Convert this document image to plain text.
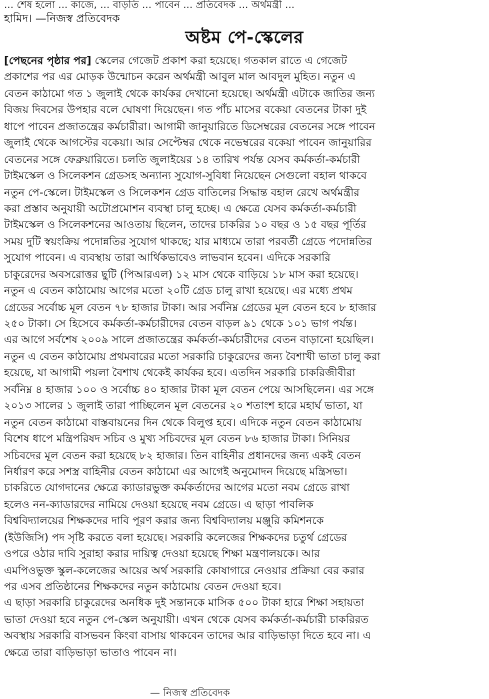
... শেষ হলো ... কাজে, ... বাড়তি ... পাবেন ... প্রতিবেদক ... অর্থমন্ত্রী ...
হামিদ। —নিজস্ব প্রতিবেদক
অষ্টম পে-স্কেলের
[পেছনের পৃষ্ঠার পর] স্কেলের গেজেট প্রকাশ করা হয়েছে। গতকাল রাতে এ গেজেট
প্রকাশের পর এর মোড়ক উন্মোচন করেন অর্থমন্ত্রী আবুল মাল আবদুল মুহিত। নতুন এ
বেতন কাঠামো গত ১ জুলাই থেকে কার্যকর দেখানো হয়েছে। অর্থমন্ত্রী এটাকে জাতির জন্য
বিজয় দিবসের উপহার বলে ঘোষণা দিয়েছেন। গত পাঁচ মাসের বকেয়া বেতনের টাকা দুই
ধাপে পাবেন প্রজাতন্ত্রের কর্মচারীরা। আগামী জানুয়ারিতে ডিসেম্বরের বেতনের সঙ্গে পাবেন
জুলাই থেকে আগস্টের বকেয়া। আর সেপ্টেম্বর থেকে নভেম্বরের বকেয়া পাবেন জানুয়ারির
বেতনের সঙ্গে ফেব্রুয়ারিতে। চলতি জুলাইয়ের ১৪ তারিখ পর্যন্ত যেসব কর্মকর্তা-কর্মচারী
টাইমস্কেল ও সিলেকশন গ্রেডসহ অন্যান্য সুযোগ-সুবিধা নিয়েছেন সেগুলো বহাল থাকবে
নতুন পে-স্কেলে। টাইমস্কেল ও সিলেকশন গ্রেড বাতিলের সিদ্ধান্ত বহাল রেখে অর্থমন্ত্রীর
করা প্রস্তাব অনুযায়ী অটোপ্রমোশন ব্যবস্থা চালু হচ্ছে। এ ক্ষেত্রে যেসব কর্মকর্তা-কর্মচারী
টাইমস্কেল ও সিলেকশনের আওতায় ছিলেন, তাদের চাকরির ১০ বছর ও ১৫ বছর পূর্তির
সময় দুটি স্বয়ংক্রিয় পদোন্নতির সুযোগ থাকছে; যার মাধ্যমে তারা পরবর্তী গ্রেডে পদোন্নতির
সুযোগ পাবেন। এ ব্যবস্থায় তারা আর্থিকভাবেও লাভবান হবেন। এদিকে সরকারি
চাকুরেদের অবসরোত্তর ছুটি (পিআরএল) ১২ মাস থেকে বাড়িয়ে ১৮ মাস করা হয়েছে।
নতুন এ বেতন কাঠামোয় আগের মতো ২০টি গ্রেড চালু রাখা হয়েছে। এর মধ্যে প্রথম
গ্রেডের সর্বোচ্চ মূল বেতন ৭৮ হাজার টাকা। আর সর্বনিম্ন গ্রেডের মূল বেতন হবে ৮ হাজার
২৫০ টাকা। সে হিসেবে কর্মকর্তা-কর্মচারীদের বেতন বাড়ল ৯১ থেকে ১০১ ভাগ পর্যন্ত।
এর আগে সর্বশেষ ২০০৯ সালে প্রজাতন্ত্রের কর্মকর্তা-কর্মচারীদের বেতন বাড়ানো হয়েছিল।
নতুন এ বেতন কাঠামোয় প্রথমবারের মতো সরকারি চাকুরেদের জন্য বৈশাখী ভাতা চালু করা
হয়েছে, যা আগামী পয়লা বৈশাখ থেকেই কার্যকর হবে। এতদিন সরকারি চাকরিজীবীরা
সর্বনিম্ন ৪ হাজার ১০০ ও সর্বোচ্চ ৪০ হাজার টাকা মূল বেতন পেয়ে আসছিলেন। এর সঙ্গে
২০১৩ সালের ১ জুলাই তারা পাচ্ছিলেন মূল বেতনের ২০ শতাংশ হারে মহার্ঘ ভাতা, যা
নতুন বেতন কাঠামো বাস্তবায়নের দিন থেকে বিলুপ্ত হবে। এদিকে নতুন বেতন কাঠামোয়
বিশেষ ধাপে মন্ত্রিপরিষদ সচিব ও মুখ্য সচিবদের মূল বেতন ৮৬ হাজার টাকা। সিনিয়র
সচিবদের মূল বেতন করা হয়েছে ৮২ হাজার। তিন বাহিনীর প্রধানদের জন্য একই বেতন
নির্ধারণ করে সশস্ত্র বাহিনীর বেতন কাঠামো এর আগেই অনুমোদন দিয়েছে মন্ত্রিসভা।
চাকরিতে যোগদানের ক্ষেত্রে ক্যাডারভুক্ত কর্মকর্তাদের আগের মতো নবম গ্রেডে রাখা
হলেও নন-ক্যাডারদের নামিয়ে দেওয়া হয়েছে নবম গ্রেডে। এ ছাড়া পাবলিক
বিশ্ববিদ্যালয়ের শিক্ষকদের দাবি পূরণ করার জন্য বিশ্ববিদ্যালয় মঞ্জুরি কমিশনকে
(ইউজিসি) পদ সৃষ্টি করতে বলা হয়েছে। সরকারি কলেজের শিক্ষকদের চতুর্থ গ্রেডের
ওপরে ওঠার দাবি সুরাহা করার দায়িত্ব দেওয়া হয়েছে শিক্ষা মন্ত্রণালয়কে। আর
এমপিওভুক্ত স্কুল-কলেজের আয়ের অর্থ সরকারি কোষাগারে নেওয়ার প্রক্রিয়া বের করার
পর এসব প্রতিষ্ঠানের শিক্ষকদের নতুন কাঠামোয় বেতন দেওয়া হবে।
এ ছাড়া সরকারি চাকুরেদের অনধিক দুই সন্তানকে মাসিক ৫০০ টাকা হারে শিক্ষা সহায়তা
ভাতা দেওয়া হবে নতুন পে-স্কেল অনুযায়ী। এখন থেকে যেসব কর্মকর্তা-কর্মচারী চাকরিরত
অবস্থায় সরকারি বাসভবন কিংবা বাসায় থাকবেন তাদের আর বাড়িভাড়া দিতে হবে না। এ
ক্ষেত্রে তারা বাড়িভাড়া ভাতাও পাবেন না।
— নিজস্ব প্রতিবেদক
